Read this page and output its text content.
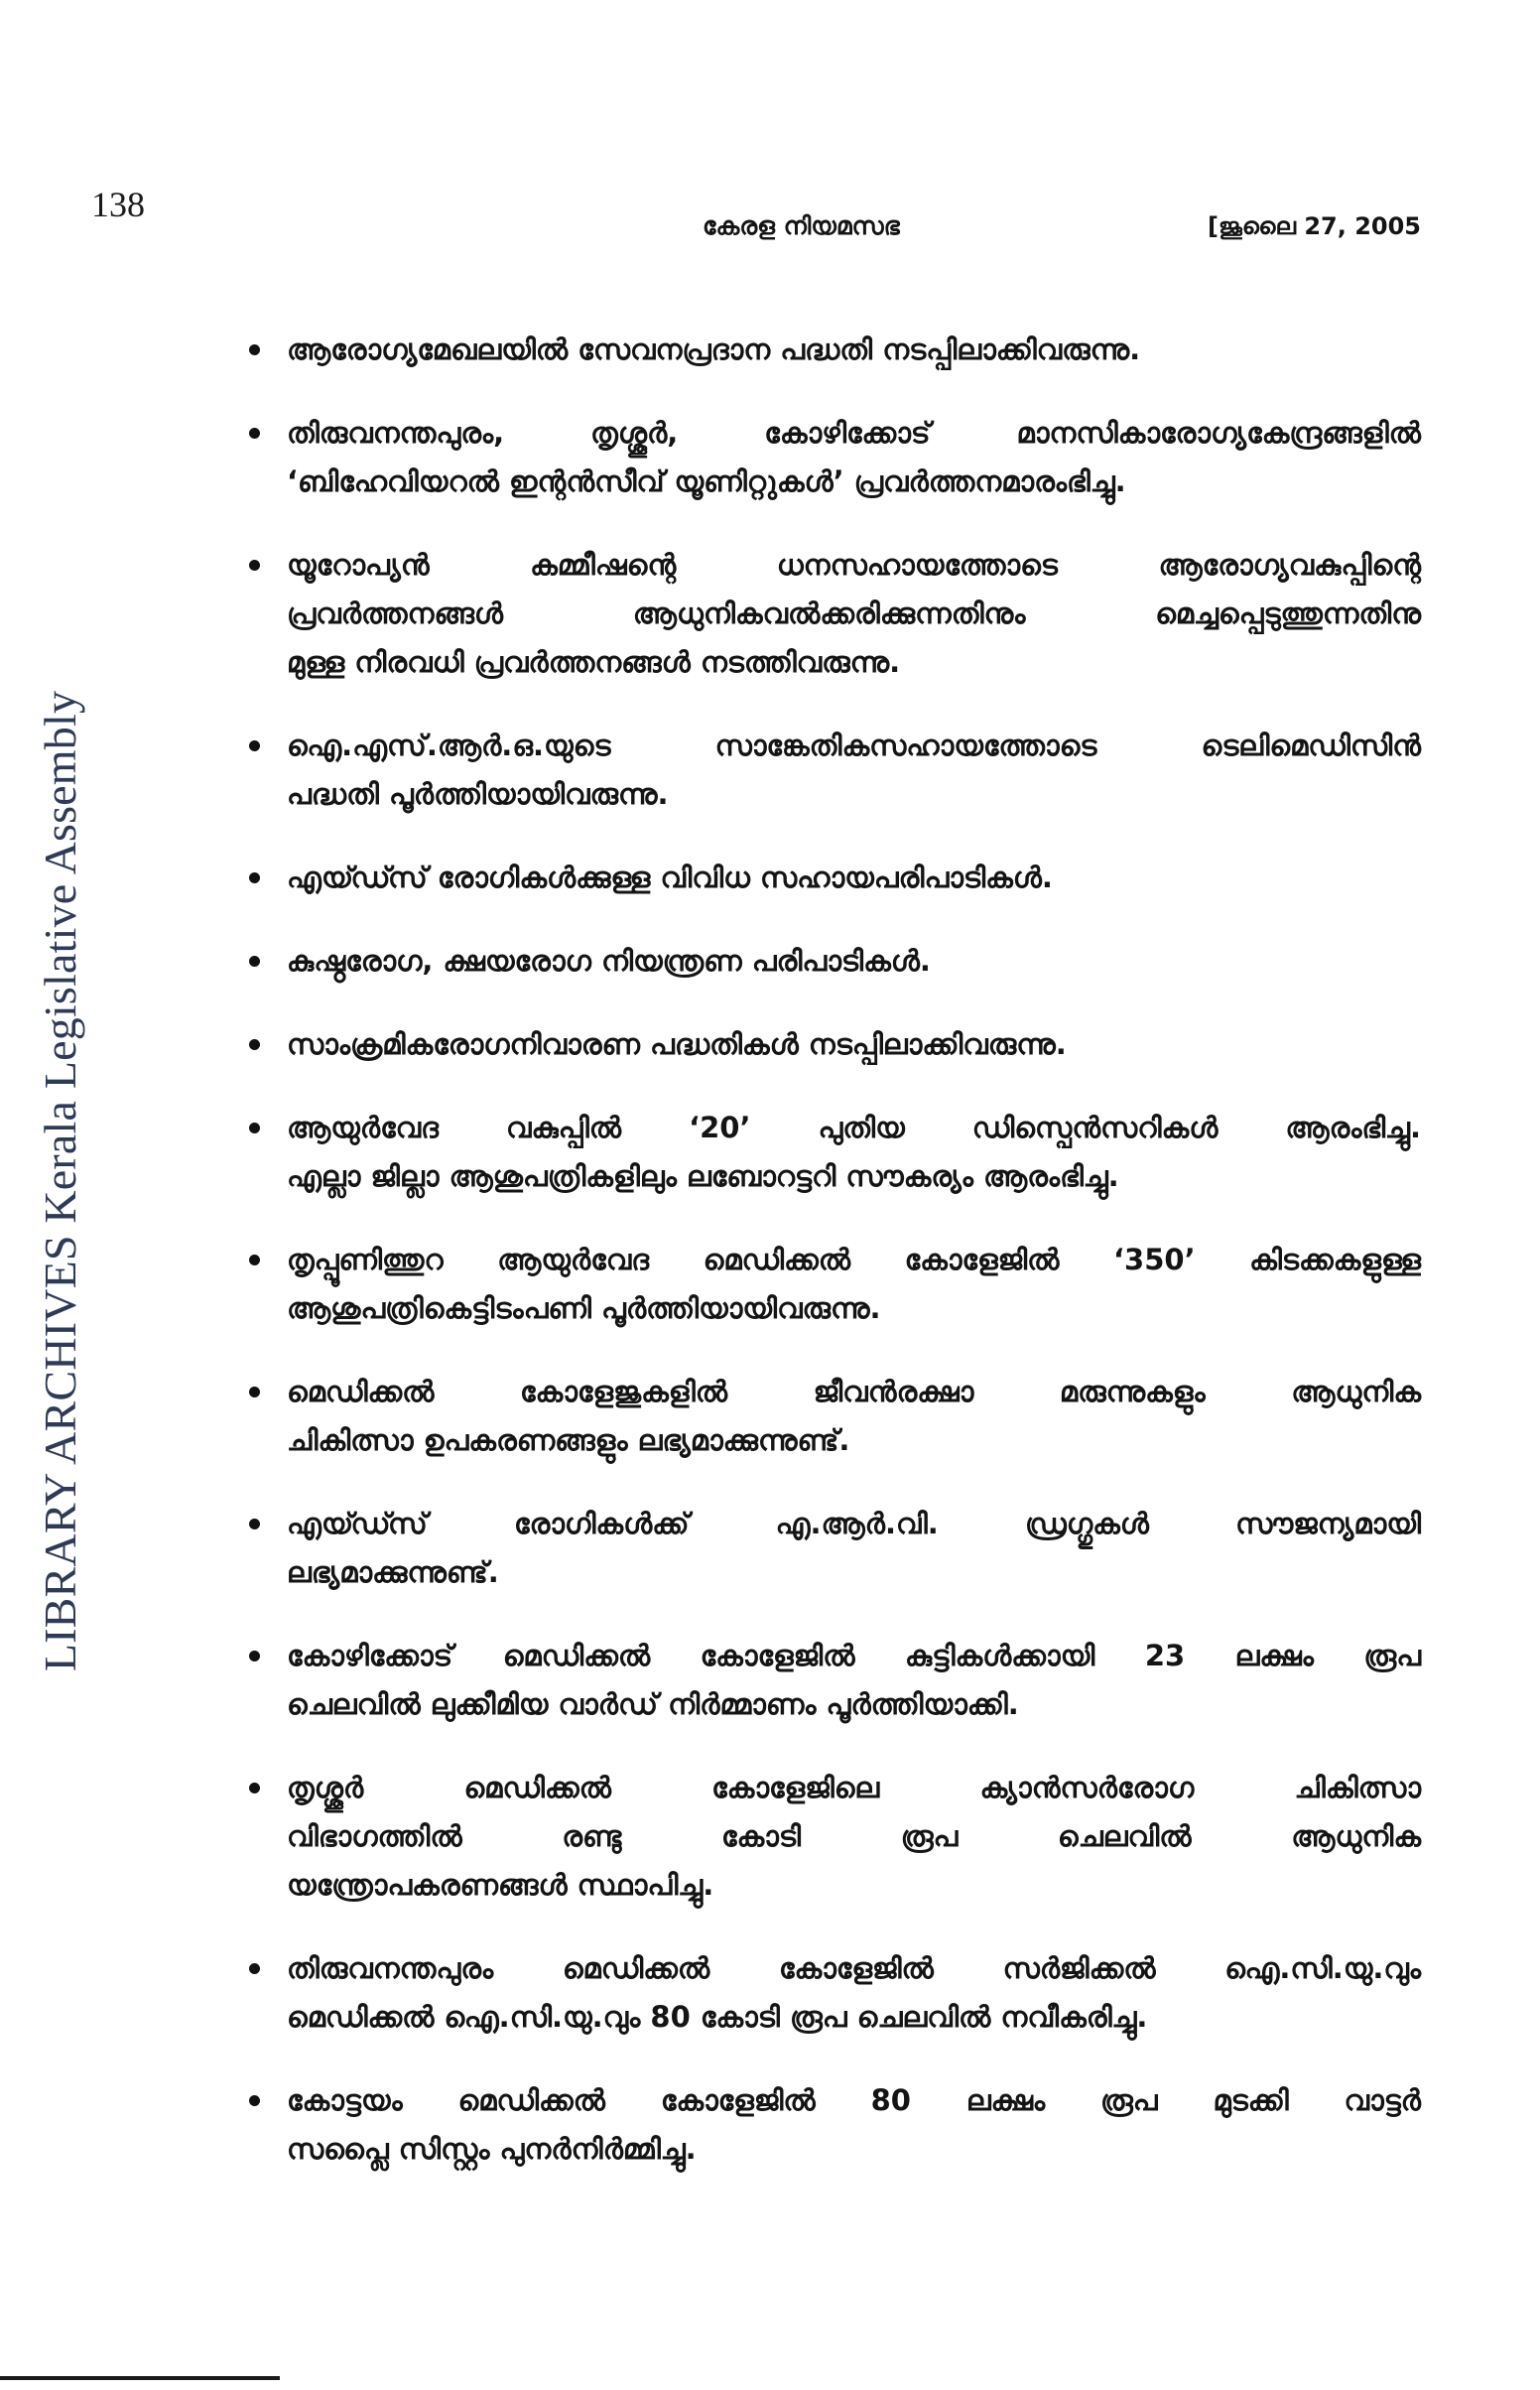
138
കേരള നിയമസഭ	[ജൂലൈ 27, 2005
LIBRARY ARCHIVES Kerala Legislative Assembly
ആരോഗ്യമേഖലയിൽ സേവനപ്രദാന പദ്ധതി നടപ്പിലാക്കിവരുന്നു.
തിരുവനന്തപുരം, തൃശ്ശൂർ, കോഴിക്കോട് മാനസികാരോഗ്യകേന്ദ്രങ്ങളിൽ
‘ബിഹേവിയറൽ ഇന്റൻസീവ് യൂണിറ്റുകൾ’ പ്രവർത്തനമാരംഭിച്ചു.
യൂറോപ്യൻ കമ്മീഷന്റെ ധനസഹായത്തോടെ ആരോഗ്യവകുപ്പിന്റെ
പ്രവർത്തനങ്ങൾ ആധുനികവൽക്കരിക്കുന്നതിനും മെച്ചപ്പെടുത്തുന്നതിനു
മുള്ള നിരവധി പ്രവർത്തനങ്ങൾ നടത്തിവരുന്നു.
ഐ.എസ്.ആർ.ഒ.യുടെ സാങ്കേതികസഹായത്തോടെ ടെലിമെഡിസിൻ
പദ്ധതി പൂർത്തിയായിവരുന്നു.
എയ്ഡ്സ് രോഗികൾക്കുള്ള വിവിധ സഹായപരിപാടികൾ.
കുഷ്ഠരോഗ, ക്ഷയരോഗ നിയന്ത്രണ പരിപാടികൾ.
സാംക്രമികരോഗനിവാരണ പദ്ധതികൾ നടപ്പിലാക്കിവരുന്നു.
ആയുർവേദ വകുപ്പിൽ ‘20’ പുതിയ ഡിസ്പെൻസറികൾ ആരംഭിച്ചു.
എല്ലാ ജില്ലാ ആശുപത്രികളിലും ലബോറട്ടറി സൗകര്യം ആരംഭിച്ചു.
തൃപ്പൂണിത്തുറ ആയുർവേദ മെഡിക്കൽ കോളേജിൽ ‘350’ കിടക്കകളുള്ള
ആശുപത്രികെട്ടിടംപണി പൂർത്തിയായിവരുന്നു.
മെഡിക്കൽ കോളേജുകളിൽ ജീവൻരക്ഷാ മരുന്നുകളും ആധുനിക
ചികിത്സാ ഉപകരണങ്ങളും ലഭ്യമാക്കുന്നുണ്ട്.
എയ്ഡ്സ് രോഗികൾക്ക് എ.ആർ.വി. ഡ്രഗ്ഗുകൾ സൗജന്യമായി
ലഭ്യമാക്കുന്നുണ്ട്.
കോഴിക്കോട് മെഡിക്കൽ കോളേജിൽ കുട്ടികൾക്കായി 23 ലക്ഷം രൂപ
ചെലവിൽ ലുക്കീമിയ വാർഡ് നിർമ്മാണം പൂർത്തിയാക്കി.
തൃശ്ശൂർ മെഡിക്കൽ കോളേജിലെ ക്യാൻസർരോഗ ചികിത്സാ
വിഭാഗത്തിൽ രണ്ടു കോടി രൂപ ചെലവിൽ ആധുനിക
യന്ത്രോപകരണങ്ങൾ സ്ഥാപിച്ചു.
തിരുവനന്തപുരം മെഡിക്കൽ കോളേജിൽ സർജിക്കൽ ഐ.സി.യു.വും
മെഡിക്കൽ ഐ.സി.യു.വും 80 കോടി രൂപ ചെലവിൽ നവീകരിച്ചു.
കോട്ടയം മെഡിക്കൽ കോളേജിൽ 80 ലക്ഷം രൂപ മുടക്കി വാട്ടർ
സപ്ലൈ സിസ്റ്റം പുനർനിർമ്മിച്ചു.
